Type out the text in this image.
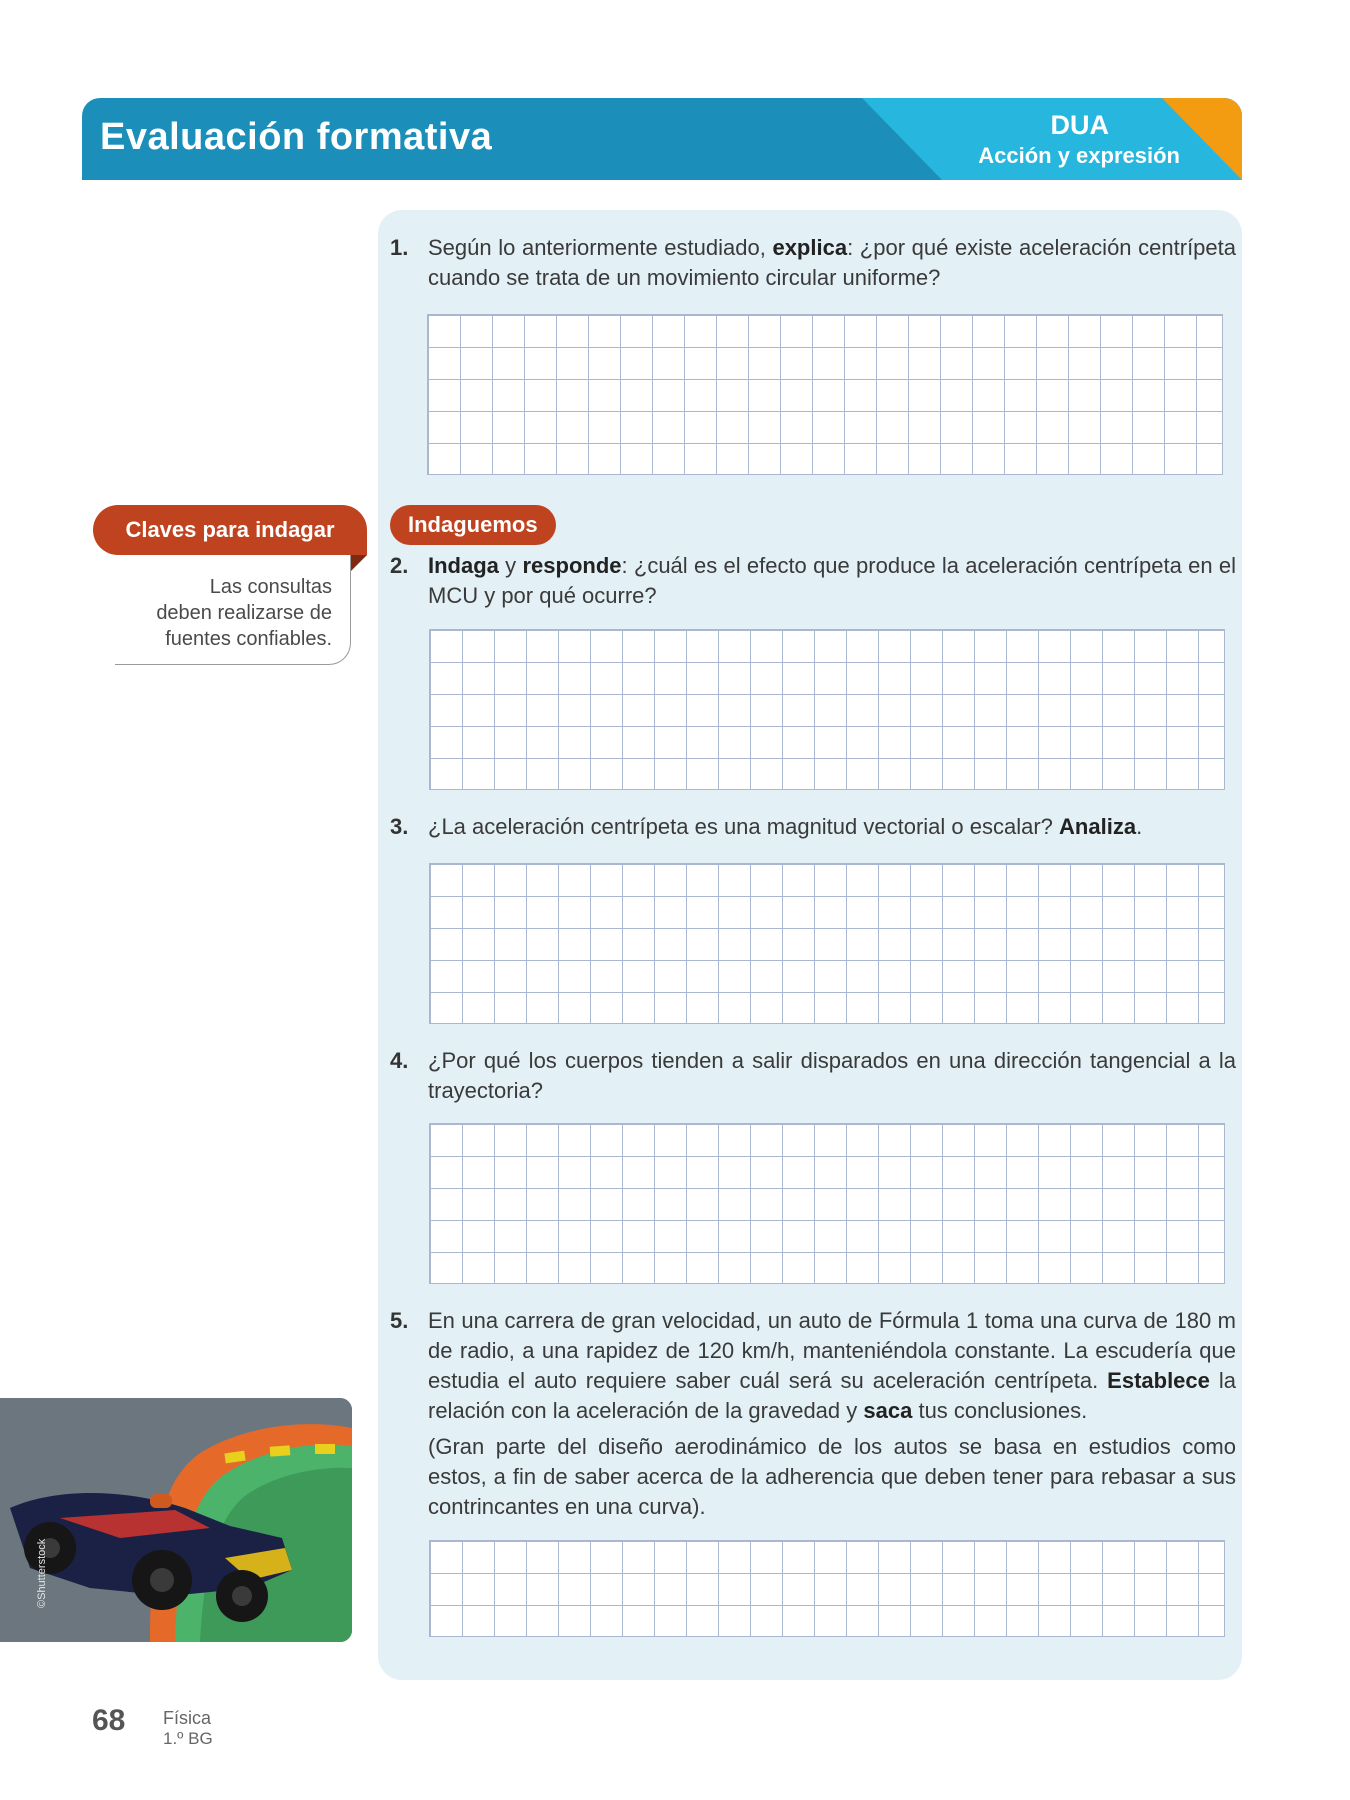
Evaluación formativa	DUA
Acción y expresión
1. Según lo anteriormente estudiado, explica: ¿por qué existe aceleración centrípeta cuando se trata de un movimiento circular uniforme?
Claves para indagar
Las consultas
deben realizarse de
fuentes confiables.
Indaguemos
2. Indaga y responde: ¿cuál es el efecto que produce la aceleración centrípeta en el MCU y por qué ocurre?
3. ¿La aceleración centrípeta es una magnitud vectorial o escalar? Analiza.
4. ¿Por qué los cuerpos tienden a salir disparados en una dirección tangencial a la trayectoria?
5. En una carrera de gran velocidad, un auto de Fórmula 1 toma una curva de 180 m de radio, a una rapidez de 120 km/h, manteniéndola constante. La escudería que estudia el auto requiere saber cuál será su aceleración centrípeta. Establece la relación con la aceleración de la gravedad y saca tus conclusiones.

(Gran parte del diseño aerodinámico de los autos se basa en estudios como estos, a fin de saber acerca de la adherencia que deben tener para rebasar a sus contrincantes en una curva).

©Shutterstock
68 Física
1.º BG
